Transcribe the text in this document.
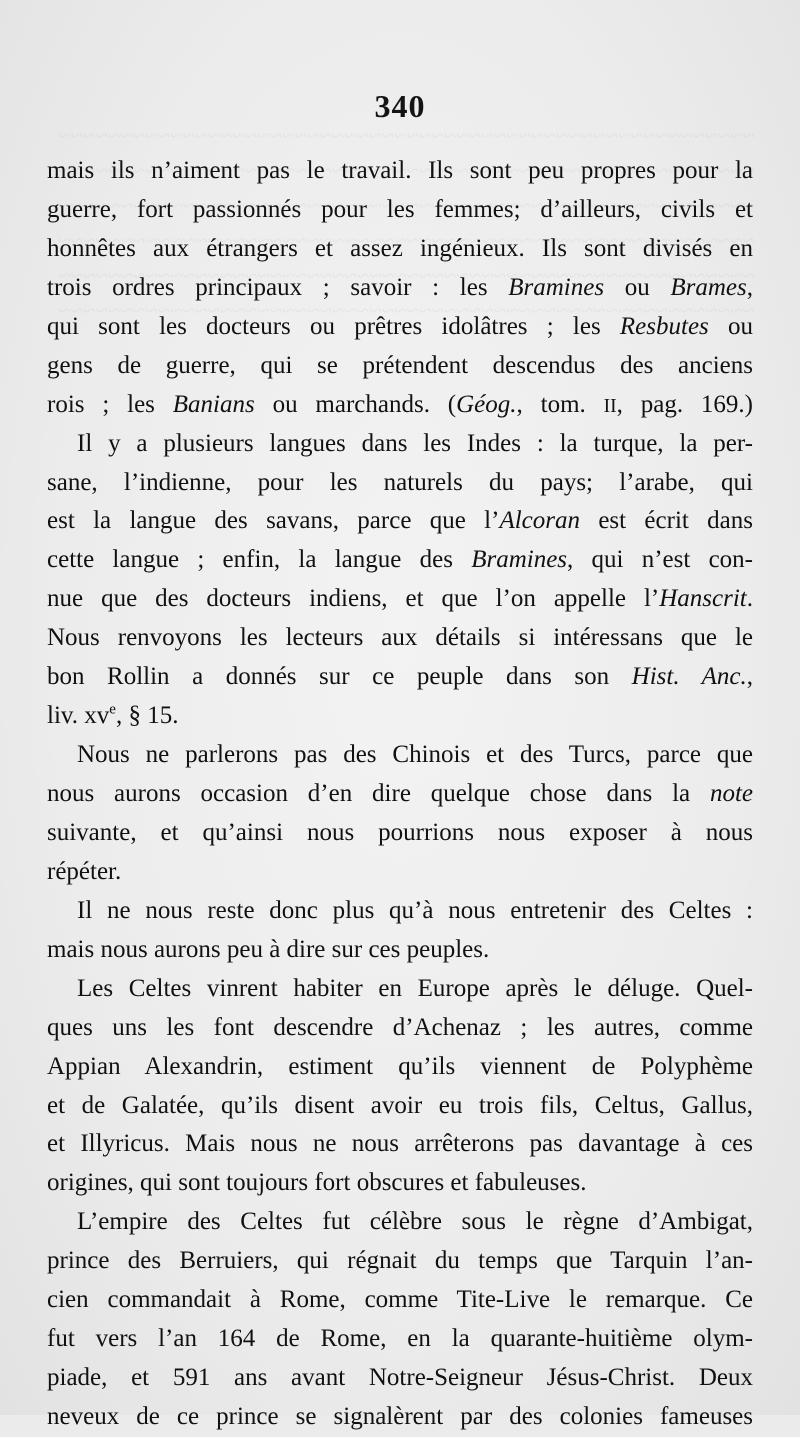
340
mais ils n’aiment pas le travail. Ils sont peu propres pour la
guerre, fort passionnés pour les femmes; d’ailleurs, civils et
honnêtes aux étrangers et assez ingénieux. Ils sont divisés en
trois ordres principaux ; savoir : les Bramines ou Brames,
qui sont les docteurs ou prêtres idolâtres ; les Resbutes ou
gens de guerre, qui se prétendent descendus des anciens
rois ; les Banians ou marchands. (Géog., tom. II, pag. 169.)
Il y a plusieurs langues dans les Indes : la turque, la per-
sane, l’indienne, pour les naturels du pays; l’arabe, qui
est la langue des savans, parce que l’Alcoran est écrit dans
cette langue ; enfin, la langue des Bramines, qui n’est con-
nue que des docteurs indiens, et que l’on appelle l’Hanscrit.
Nous renvoyons les lecteurs aux détails si intéressans que le
bon Rollin a donnés sur ce peuple dans son Hist. Anc.,
liv. $xv^e$, § 15.
Nous ne parlerons pas des Chinois et des Turcs, parce que
nous aurons occasion d’en dire quelque chose dans la note
suivante, et qu’ainsi nous pourrions nous exposer à nous
répéter.
Il ne nous reste donc plus qu’à nous entretenir des Celtes :
mais nous aurons peu à dire sur ces peuples.
Les Celtes vinrent habiter en Europe après le déluge. Quel-
ques uns les font descendre d’Achenaz ; les autres, comme
Appian Alexandrin, estiment qu’ils viennent de Polyphème
et de Galatée, qu’ils disent avoir eu trois fils, Celtus, Gallus,
et Illyricus. Mais nous ne nous arrêterons pas davantage à ces
origines, qui sont toujours fort obscures et fabuleuses.
L’empire des Celtes fut célèbre sous le règne d’Ambigat,
prince des Berruiers, qui régnait du temps que Tarquin l’an-
cien commandait à Rome, comme Tite-Live le remarque. Ce
fut vers l’an 164 de Rome, en la quarante-huitième olym-
piade, et 591 ans avant Notre-Seigneur Jésus-Christ. Deux
neveux de ce prince se signalèrent par des colonies fameuses
